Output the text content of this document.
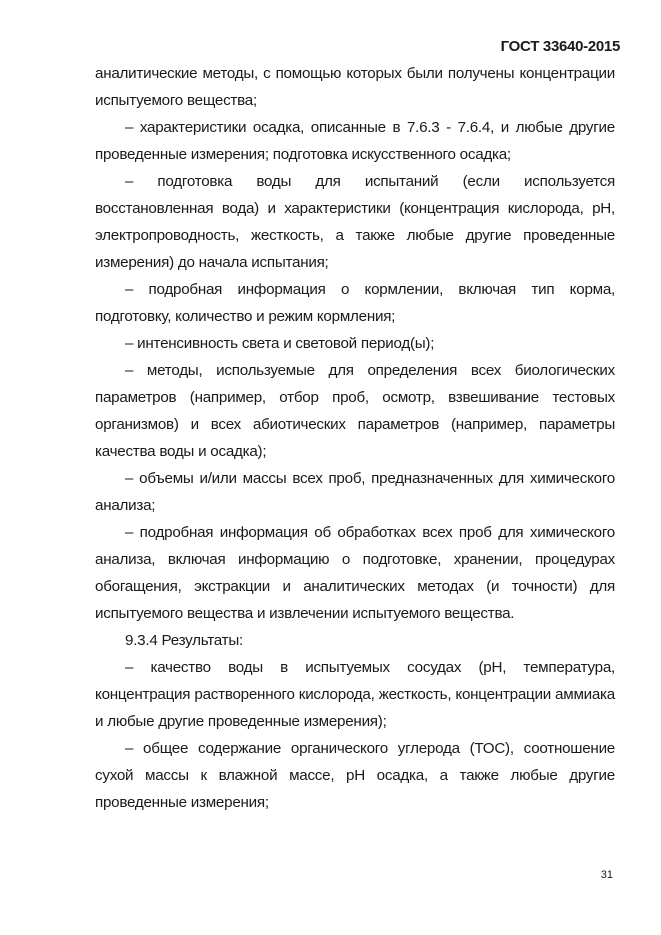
ГОСТ 33640-2015

аналитические методы, с помощью которых были получены концентрации испытуемого вещества;

– характеристики осадка, описанные в 7.6.3 - 7.6.4, и любые другие проведенные измерения; подготовка искусственного осадка;

– подготовка воды для испытаний (если используется восстановленная вода) и характеристики (концентрация кислорода, рН, электропроводность, жесткость, а также любые другие проведенные измерения) до начала испытания;

– подробная информация о кормлении, включая тип корма, подготовку, количество и режим кормления;

– интенсивность света и световой период(ы);

– методы, используемые для определения всех биологических параметров (например, отбор проб, осмотр, взвешивание тестовых организмов) и всех абиотических параметров (например, параметры качества воды и осадка);

– объемы и/или массы всех проб, предназначенных для химического анализа;

– подробная информация об обработках всех проб для химического анализа, включая информацию о подготовке, хранении, процедурах обогащения, экстракции и аналитических методах (и точности) для испытуемого вещества и извлечении испытуемого вещества.

9.3.4 Результаты:

– качество воды в испытуемых сосудах (рН, температура, концентрация растворенного кислорода, жесткость, концентрации аммиака и любые другие проведенные измерения);

– общее содержание органического углерода (ТОС), соотношение сухой массы к влажной массе, рН осадка, а также любые другие проведенные измерения;

31
